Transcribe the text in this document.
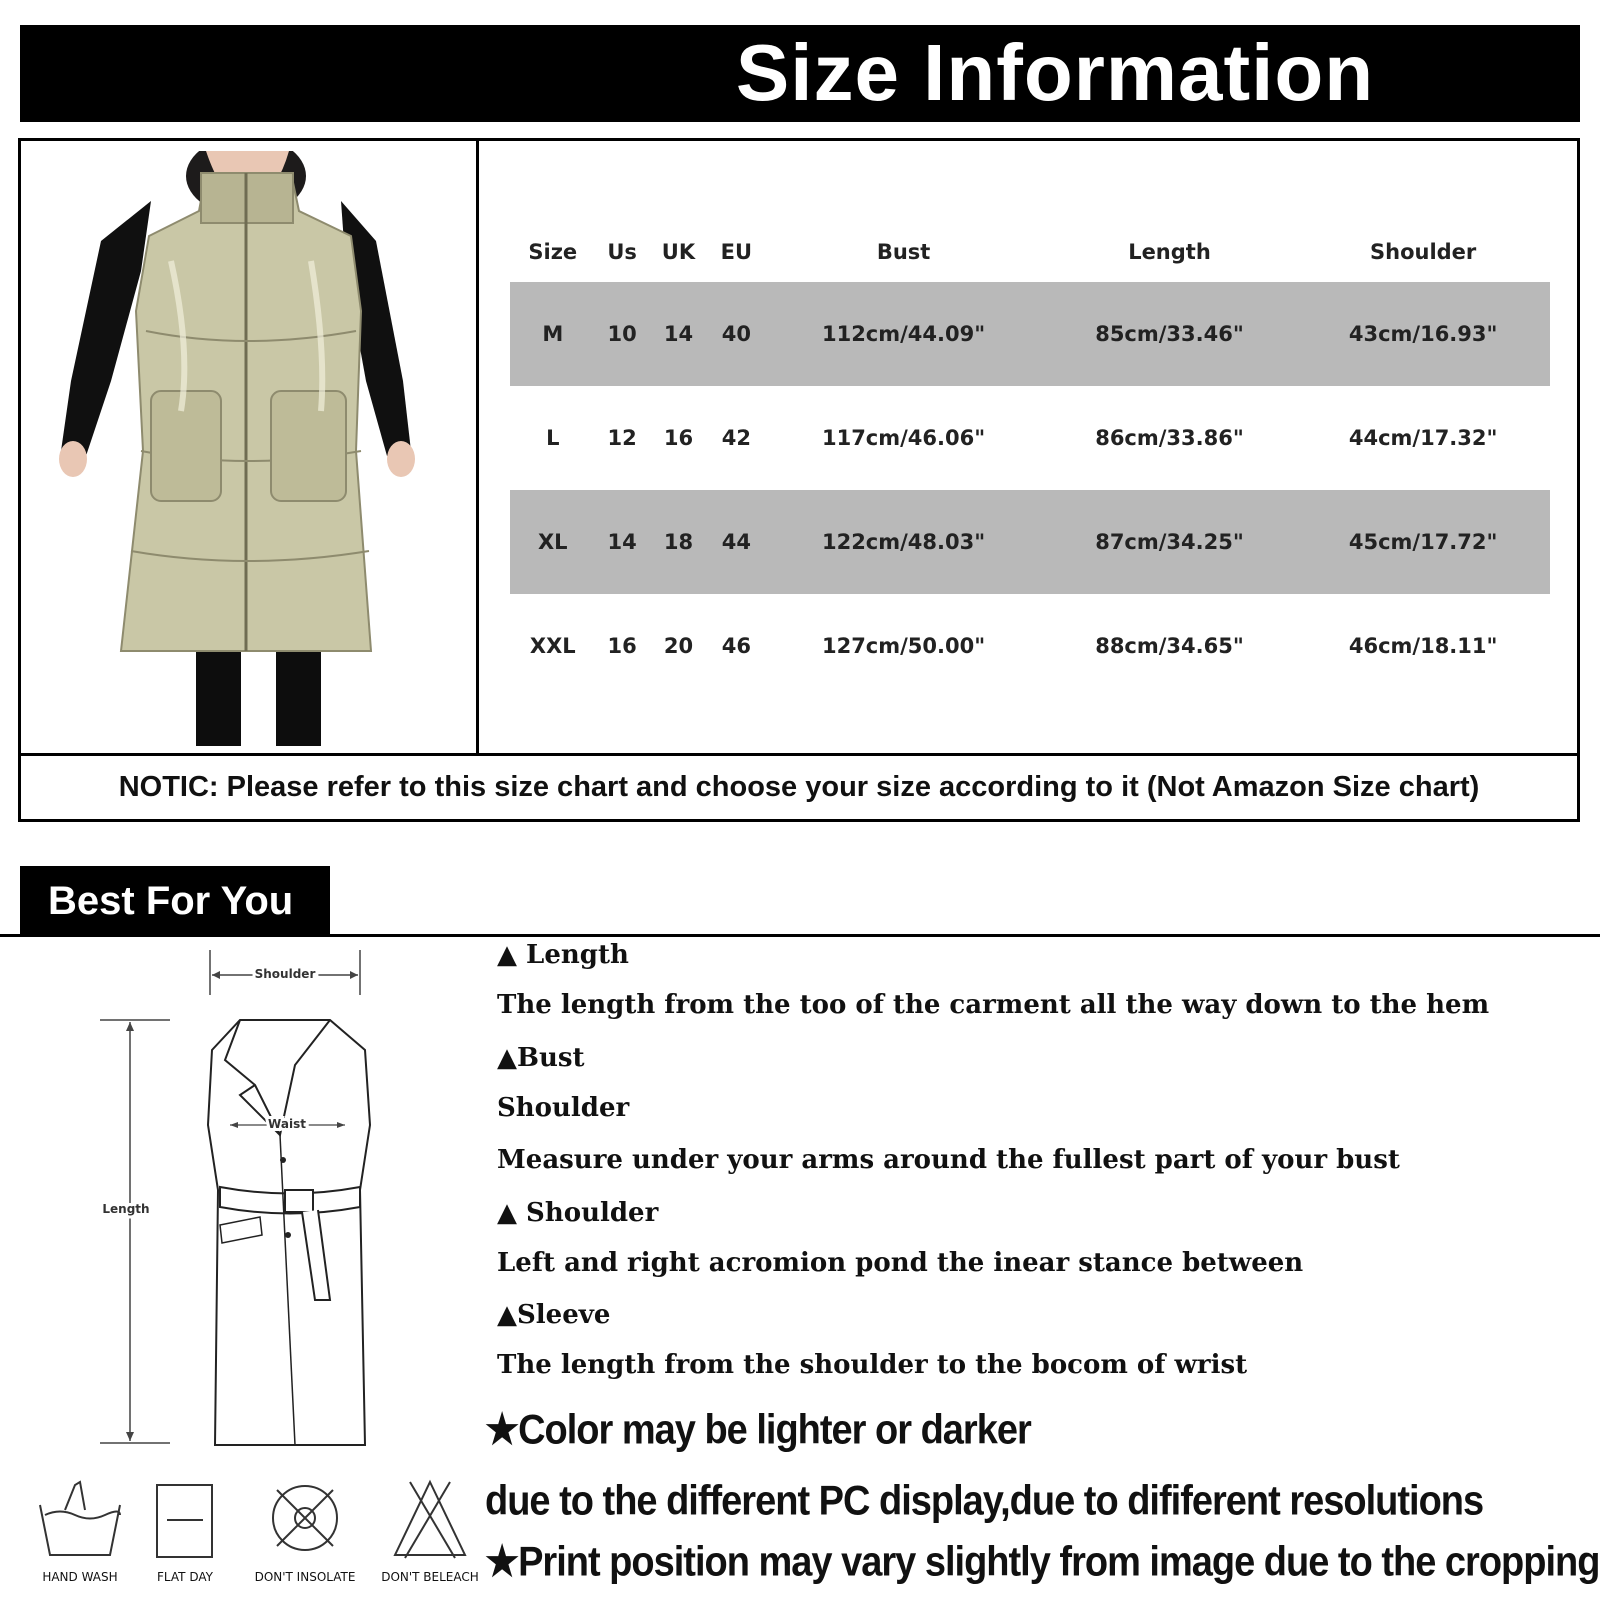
Size Information
NOTIC: Please refer to this size chart and choose your size according to it (Not Amazon Size chart)
Size	Us	UK	EU	Bust	Length	Shoulder
M	10	14	40	112cm/44.09"	85cm/33.46"	43cm/16.93"
L	12	16	42	117cm/46.06"	86cm/33.86"	44cm/17.32"
XL	14	18	44	122cm/48.03"	87cm/34.25"	45cm/17.72"
XXL	16	20	46	127cm/50.00"	88cm/34.65"	46cm/18.11"
Best For You
Shoulder
Length
Waist
HAND WASH	FLAT DAY	DON'T INSOLATE	DON'T BELEACH
▲ Length
The length from the too of the carment all the way down to the hem
▲Bust
Shoulder
Measure under your arms around the fullest part of your bust
▲ Shoulder
Left and right acromion pond the inear stance between
▲Sleeve
The length from the shoulder to the bocom of wrist
★Color may be lighter or darker
due to the different PC display,due to dififerent resolutions
★Print position may vary slightly from image due to the cropping
